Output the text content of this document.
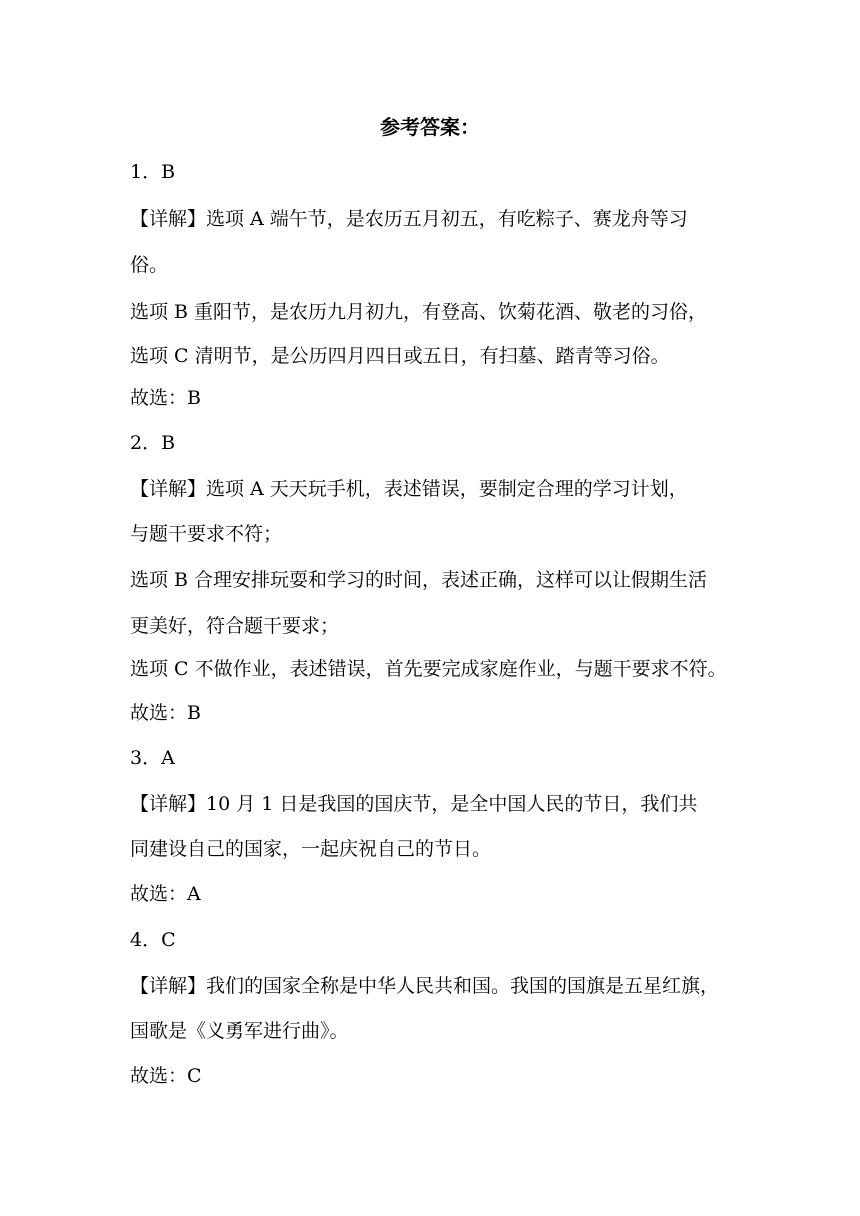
参考答案：
1．B
【详解】选项 A 端午节，是农历五月初五，有吃粽子、赛龙舟等习
俗。
选项 B 重阳节，是农历九月初九，有登高、饮菊花酒、敬老的习俗，
选项 C 清明节，是公历四月四日或五日，有扫墓、踏青等习俗。
故选：B
2．B
【详解】选项 A 天天玩手机，表述错误，要制定合理的学习计划，
与题干要求不符；
选项 B 合理安排玩耍和学习的时间，表述正确，这样可以让假期生活
更美好，符合题干要求；
选项 C 不做作业，表述错误，首先要完成家庭作业，与题干要求不符。
故选：B
3．A
【详解】10 月 1 日是我国的国庆节，是全中国人民的节日，我们共
同建设自己的国家，一起庆祝自己的节日。
故选：A
4．C
【详解】我们的国家全称是中华人民共和国。我国的国旗是五星红旗，
国歌是《义勇军进行曲》。
故选：C
